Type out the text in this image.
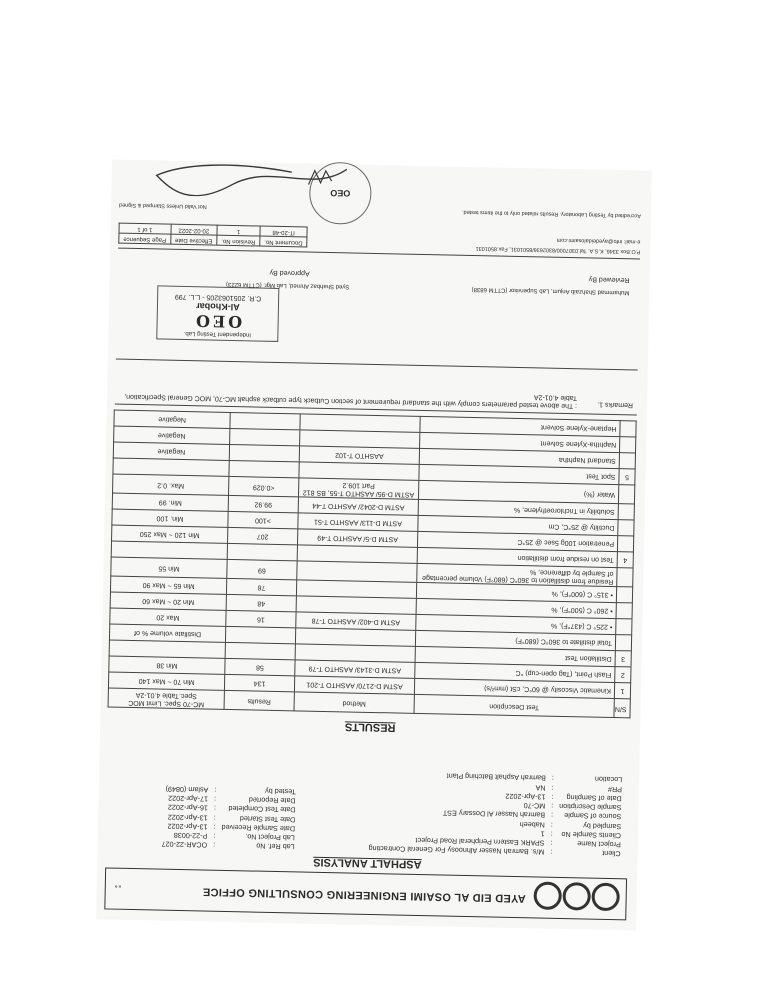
AYED EID AL OSAIMI ENGINEERING CONSULTING OFFICE
˳˳
ASPHALT ANALYSIS
Client	:	M/s. Bamrah Nasser Alhnoosy For General Contracting
Project Name	:	SPARK Eastern Peripheral Road Project
Clients Sample No	:	1
Sampled by	:	Nabeeh
Source of Sample	:	Bamrah Nasser Al Dossary EST
Sample Description	:	MC-70
Date of Sampling	:	13-Apr-2022
PR#	:	NA
Location	:	Bamrah Asphalt Batching Plant
Lab Ref. No	:	OCAR-22-027
Lab Project No.	:	P-22-0038
Date Sample Received	:	13-Apr-2022
Date Test Started	:	13-Apr-2022
Date Test Completed	:	16-Apr-2022
Date Reported	:	17-Apr-2022
Tested by	:	Aslam (0849)
RESULTS
S/N	Test Description	Method	Results	MC-70 Spec. Limit MOC Spec.Table 4.01-2A
1	Kinematic Viscosity @ 60°C, cSt (mm²/s)	ASTM D-2170/ AASHTO T-201	134	Min 70 ~ Max 140
2	Flash Point, (Tag open-cup) °C	ASTM D-3143/ AASHTO T-79	58	Min 38
3	Distillation Test			
	Total distillate to 360°C (680°F)			Distillate volume % of
	• 225° C (437°F), %	ASTM D-402/ AASHTO T-78	16	Max 20
	• 260° C (500°F), %		48	Min 20 ~ Max 60
	• 315° C (600°F), %		78	Min 65 ~ Max 90
	Residue from distillation to 360°C (680°F) Volume percentage of Sample by difference, %		69	Min 55
4	Test on residue from distillation			
	Penetration 100g 5sec @ 25°C	ASTM D-5/ AASHTO T-49	207	Min 120 ~ Max 250
	Ductility @ 25°C, Cm	ASTM D-113/ AASHTO T-51	>100	Min. 100
	Solubility in Trichloroethylene, %	ASTM D-2042/ AASHTO T-44	99.92	Min. 99
	Water (%)	ASTM D-95/ AASHTO T-55, BS 812 Part 109.2	<0.029	Max. 0.2
5	Spot Test			
	Standard Naphtha	AASHTO T-102		Negative
	Naphtha-Xylene Solvent			Negative
	Heptane-Xylene Solvent			Negative
Remarks 1.
: The above tested parameters comply with the standard requirement of section Cutback type cutback asphalt MC-70, MOC General Specification, Table 4.01-2A
Muhammad Shahzaib Anjum, Lab Supervisor (CTTM 6838)
Reviewed By
Syed Shahbaz Ahmed, Lab Mgr. (CTTM 6223)
Approved By
Independent Testing Lab.
OEO
Al-Khobar
C.R. 2051063205 - L.L. 799
P.O.Box 3346, K.S.A. Tel.0307000/8302636/8501031, Fax.8501031
e-mail: info@ayedeidalosaimi.com
Document No.	Revision No.	Effective Date	Page Sequence
IT-20-48	1	20-02-2022	1 of 1
Accredited by Testing Laboratory. Results related only to the items tested.
Not Valid Unless Stamped & Signed
OEO
